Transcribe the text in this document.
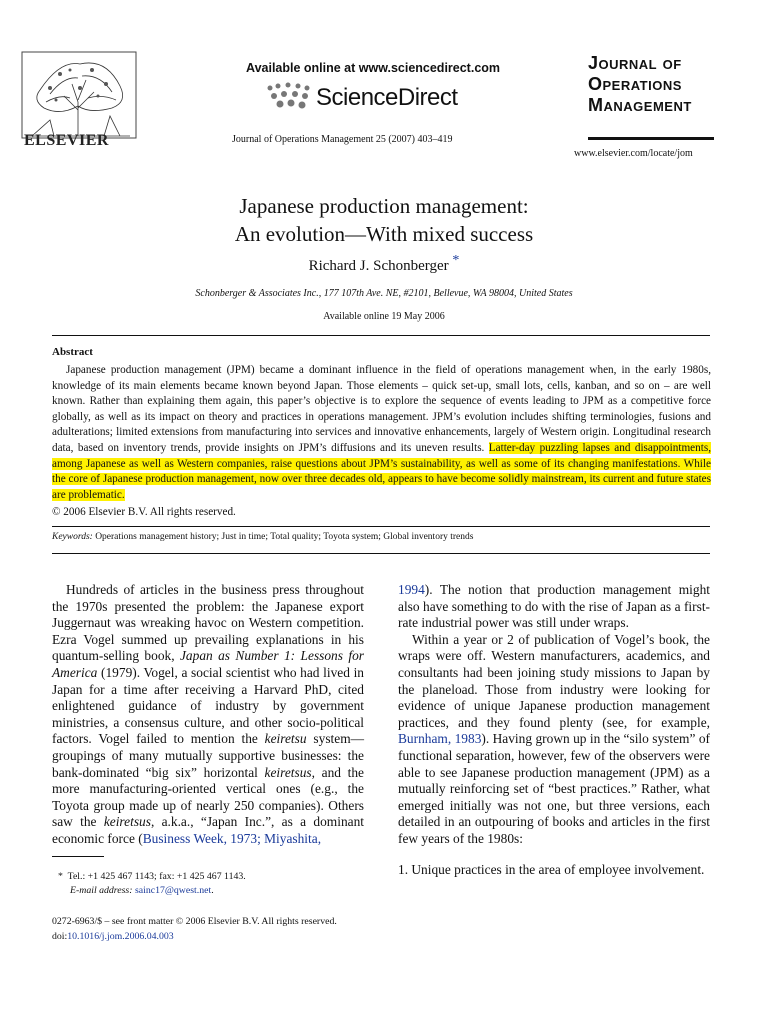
ELSEVIER
Available online at www.sciencedirect.com
ScienceDirect
Journal of Operations Management 25 (2007) 403–419
Journal of
Operations
Management
www.elsevier.com/locate/jom
Japanese production management:
An evolution—With mixed success
Richard J. Schonberger *
Schonberger & Associates Inc., 177 107th Ave. NE, #2101, Bellevue, WA 98004, United States
Available online 19 May 2006
Abstract

Japanese production management (JPM) became a dominant influence in the field of operations management when, in the early 1980s, knowledge of its main elements became known beyond Japan. Those elements – quick set-up, small lots, cells, kanban, and so on – are well known. Rather than explaining them again, this paper’s objective is to explore the sequence of events leading to JPM as a competitive force globally, as well as its impact on theory and practices in operations management. JPM’s evolution includes shifting terminologies, fusions and adulterations; limited extensions from manufacturing into services and innovative enhancements, largely of Western origin. Longitudinal research data, based on inventory trends, provide insights on JPM’s diffusions and its uneven results. Latter-day puzzling lapses and disappointments, among Japanese as well as Western companies, raise questions about JPM’s sustainability, as well as some of its changing manifestations. While the core of Japanese production management, now over three decades old, appears to have become solidly mainstream, its current and future states are problematic.

© 2006 Elsevier B.V. All rights reserved.
Keywords: Operations management history; Just in time; Total quality; Toyota system; Global inventory trends

Hundreds of articles in the business press throughout the 1970s presented the problem: the Japanese export Juggernaut was wreaking havoc on Western competition. Ezra Vogel summed up prevailing explanations in his quantum-selling book, Japan as Number 1: Lessons for America (1979). Vogel, a social scientist who had lived in Japan for a time after receiving a Harvard PhD, cited enlightened guidance of industry by government ministries, a consensus culture, and other socio-political factors. Vogel failed to mention the keiretsu system—groupings of many mutually supportive businesses: the bank-dominated “big six” horizontal keiretsus, and the more manufacturing-oriented vertical ones (e.g., the Toyota group made up of nearly 250 companies). Others saw the keiretsus, a.k.a., “Japan Inc.”, as a dominant economic force (Business Week, 1973; Miyashita,

1994). The notion that production management might also have something to do with the rise of Japan as a first-rate industrial power was still under wraps.

Within a year or 2 of publication of Vogel’s book, the wraps were off. Western manufacturers, academics, and consultants had been joining study missions to Japan by the planeload. Those from industry were looking for evidence of unique Japanese production management practices, and they found plenty (see, for example, Burnham, 1983). Having grown up in the “silo system” of functional separation, however, few of the observers were able to see Japanese production management (JPM) as a mutually reinforcing set of “best practices.” Rather, what emerged initially was not one, but three versions, each detailed in an outpouring of books and articles in the first few years of the 1980s:

1. Unique practices in the area of employee involvement.

* Tel.: +1 425 467 1143; fax: +1 425 467 1143.
E-mail address: sainc17@qwest.net.
0272-6963/$ – see front matter © 2006 Elsevier B.V. All rights reserved.
doi:10.1016/j.jom.2006.04.003
